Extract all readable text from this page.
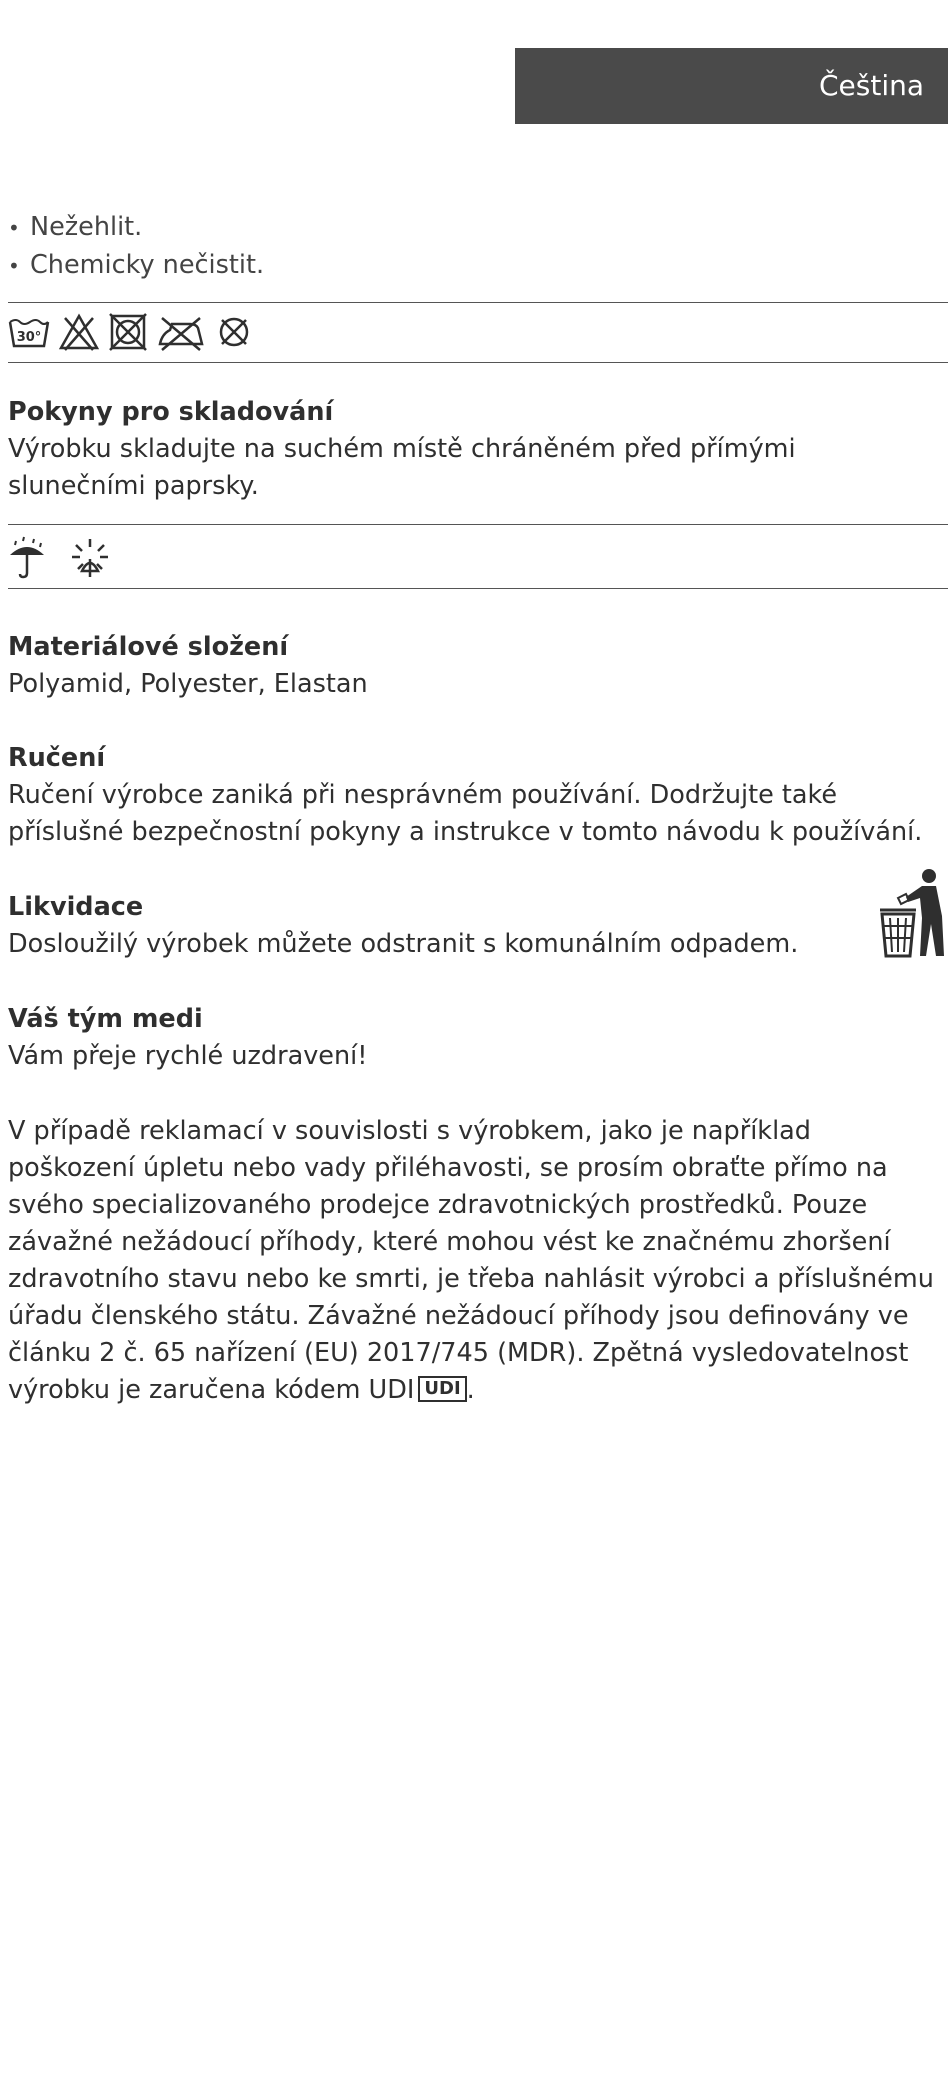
Čeština
• Nežehlit.
• Chemicky nečistit.
30°
Pokyny pro skladování
Výrobku skladujte na suchém místě chráněném před přímými slunečními paprsky.
Materiálové složení
Polyamid, Polyester, Elastan
Ručení
Ručení výrobce zaniká při nesprávném používání. Dodržujte také příslušné bezpečnostní pokyny a instrukce v tomto návodu k používání.
Likvidace
Dosloužilý výrobek můžete odstranit s komunálním odpadem.
Váš tým medi
Vám přeje rychlé uzdravení!
V případě reklamací v souvislosti s výrobkem, jako je například poškození úpletu nebo vady přiléhavosti, se prosím obraťte přímo na svého specializovaného prodejce zdravotnických prostředků. Pouze závažné nežádoucí příhody, které mohou vést ke značnému zhoršení zdravotního stavu nebo ke smrti, je třeba nahlásit výrobci a příslušnému úřadu členského státu. Závažné nežádoucí příhody jsou definovány ve článku 2 č. 65 nařízení (EU) 2017/745 (MDR). Zpětná vysledovatelnost výrobku je zaručena kódem UDI UDI .
